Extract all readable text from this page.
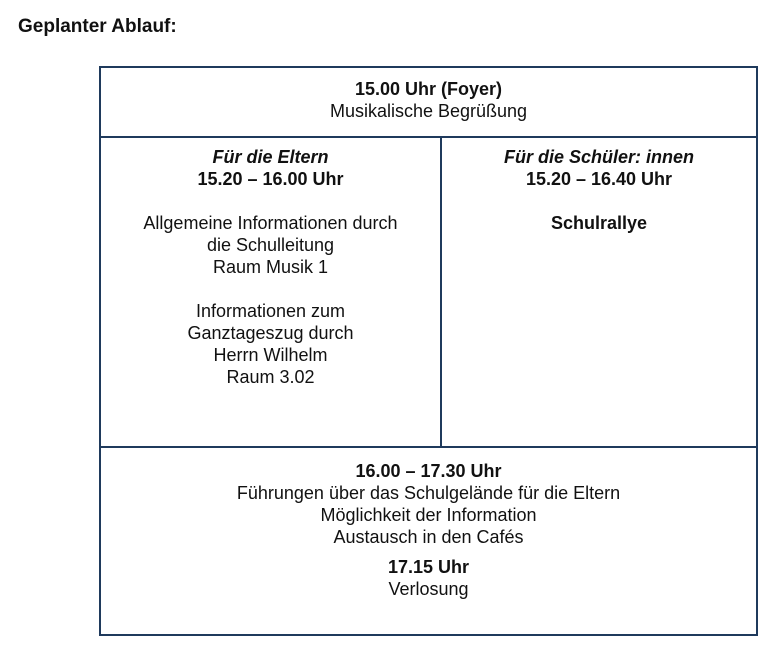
Geplanter Ablauf:
15.00 Uhr (Foyer)
Musikalische Begrüßung

Für die Eltern
15.20 – 16.00 Uhr
Allgemeine Informationen durch
die Schulleitung
Raum Musik 1
Informationen zum
Ganztageszug durch
Herrn Wilhelm
Raum 3.02

Für die Schüler: innen
15.20 – 16.40 Uhr
Schulrallye

16.00 – 17.30 Uhr
Führungen über das Schulgelände für die Eltern
Möglichkeit der Information
Austausch in den Cafés
17.15 Uhr
Verlosung
